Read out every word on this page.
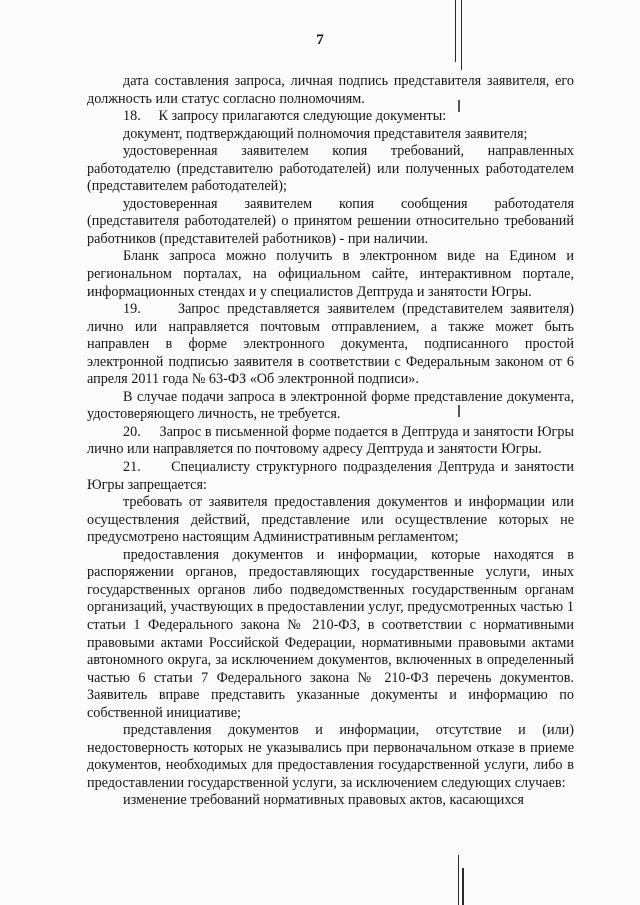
7

дата составления запроса, личная подпись представителя заявителя, его должность или статус согласно полномочиям.

18.     К запросу прилагаются следующие документы:

документ, подтверждающий полномочия представителя заявителя;

удостоверенная заявителем копия требований, направленных работодателю (представителю работодателей) или полученных работодателем (представителем работодателей);

удостоверенная заявителем копия сообщения работодателя (представителя работодателей) о принятом решении относительно требований работников (представителей работников) - при наличии.

Бланк запроса можно получить в электронном виде на Едином и региональном порталах, на официальном сайте, интерактивном портале, информационных стендах и у специалистов Дептруда и занятости Югры.

19.     Запрос представляется заявителем (представителем заявителя) лично или направляется почтовым отправлением, а также может быть направлен в форме электронного документа, подписанного простой электронной подписью заявителя в соответствии с Федеральным законом от 6 апреля 2011 года № 63-ФЗ «Об электронной подписи».

В случае подачи запроса в электронной форме представление документа, удостоверяющего личность, не требуется.

20.     Запрос в письменной форме подается в Дептруда и занятости Югры лично или направляется по почтовому адресу Дептруда и занятости Югры.

21.     Специалисту структурного подразделения Дептруда и занятости Югры запрещается:

требовать от заявителя предоставления документов и информации или осуществления действий, представление или осуществление которых не предусмотрено настоящим Административным регламентом;

предоставления документов и информации, которые находятся в распоряжении органов, предоставляющих государственные услуги, иных государственных органов либо подведомственных государственным органам организаций, участвующих в предоставлении услуг, предусмотренных частью 1 статьи 1 Федерального закона № 210-ФЗ, в соответствии с нормативными правовыми актами Российской Федерации, нормативными правовыми актами автономного округа, за исключением документов, включенных в определенный частью 6 статьи 7 Федерального закона № 210-ФЗ перечень документов. Заявитель вправе представить указанные документы и информацию по собственной инициативе;

представления документов и информации, отсутствие и (или) недостоверность которых не указывались при первоначальном отказе в приеме документов, необходимых для предоставления государственной услуги, либо в предоставлении государственной услуги, за исключением следующих случаев:

изменение требований нормативных правовых актов, касающихся
